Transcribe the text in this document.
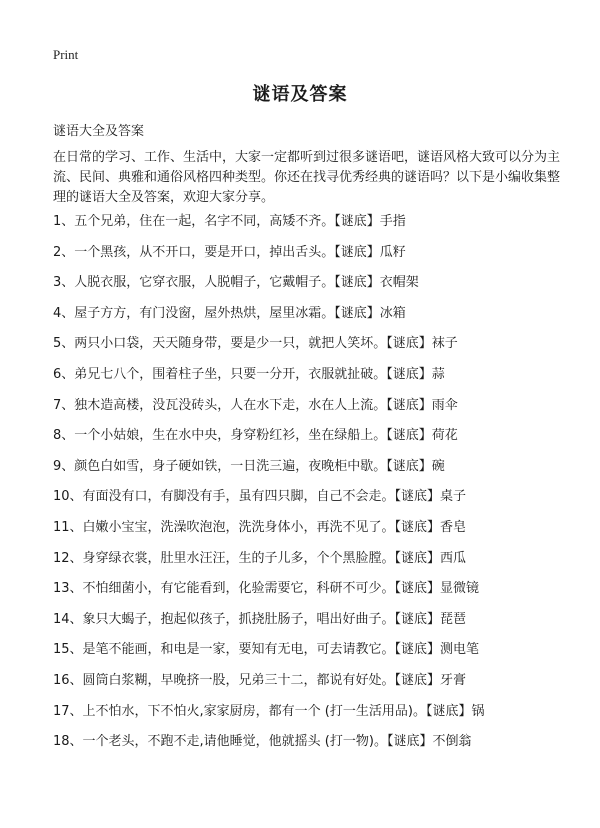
Print
谜语及答案
谜语大全及答案
在日常的学习、工作、生活中，大家一定都听到过很多谜语吧，谜语风格大致可以分为主流、民间、典雅和通俗风格四种类型。你还在找寻优秀经典的谜语吗？以下是小编收集整理的谜语大全及答案，欢迎大家分享。
1、五个兄弟，住在一起，名字不同，高矮不齐。【谜底】手指
2、一个黑孩，从不开口，要是开口，掉出舌头。【谜底】瓜籽
3、人脱衣服，它穿衣服，人脱帽子，它戴帽子。【谜底】衣帽架
4、屋子方方，有门没窗，屋外热烘，屋里冰霜。【谜底】冰箱
5、两只小口袋，天天随身带，要是少一只，就把人笑坏。【谜底】袜子
6、弟兄七八个，围着柱子坐，只要一分开，衣服就扯破。【谜底】蒜
7、独木造高楼，没瓦没砖头，人在水下走，水在人上流。【谜底】雨伞
8、一个小姑娘，生在水中央，身穿粉红衫，坐在绿船上。【谜底】荷花
9、颜色白如雪，身子硬如铁，一日洗三遍，夜晚柜中歇。【谜底】碗
10、有面没有口，有脚没有手，虽有四只脚，自己不会走。【谜底】桌子
11、白嫩小宝宝，洗澡吹泡泡，洗洗身体小，再洗不见了。【谜底】香皂
12、身穿绿衣裳，肚里水汪汪，生的子儿多，个个黑脸膛。【谜底】西瓜
13、不怕细菌小，有它能看到，化验需要它，科研不可少。【谜底】显微镜
14、象只大蝎子，抱起似孩子，抓挠肚肠子，唱出好曲子。【谜底】琵琶
15、是笔不能画，和电是一家，要知有无电，可去请教它。【谜底】测电笔
16、圆筒白浆糊，早晚挤一股，兄弟三十二，都说有好处。【谜底】牙膏
17、上不怕水，下不怕火,家家厨房，都有一个 (打一生活用品)。【谜底】锅
18、一个老头，不跑不走,请他睡觉，他就摇头 (打一物)。【谜底】不倒翁
